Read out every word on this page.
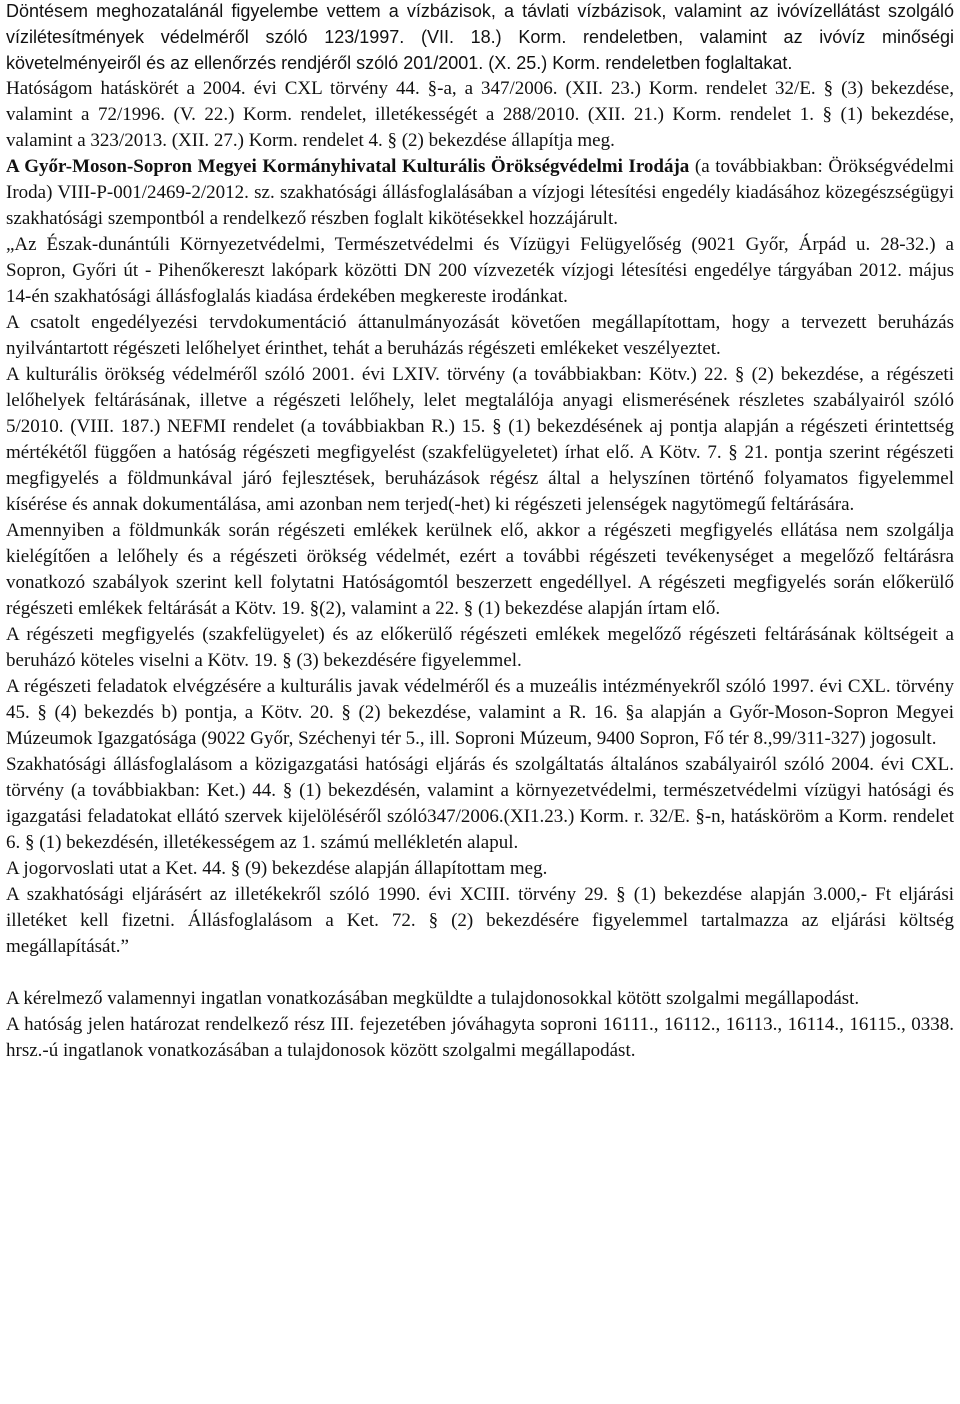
Döntésem meghozatalánál figyelembe vettem a vízbázisok, a távlati vízbázisok, valamint az ivóvízellátást szolgáló vízilétesítmények védelméről szóló 123/1997. (VII. 18.) Korm. rendeletben, valamint az ivóvíz minőségi követelményeiről és az ellenőrzés rendjéről szóló 201/2001. (X. 25.) Korm. rendeletben foglaltakat.

Hatóságom hatáskörét a 2004. évi CXL törvény 44. §-a, a 347/2006. (XII. 23.) Korm. rendelet 32/E. § (3) bekezdése, valamint a 72/1996. (V. 22.) Korm. rendelet, illetékességét a 288/2010. (XII. 21.) Korm. rendelet 1. § (1) bekezdése, valamint a 323/2013. (XII. 27.) Korm. rendelet 4. § (2) bekezdése állapítja meg.

A Győr-Moson-Sopron Megyei Kormányhivatal Kulturális Örökségvédelmi Irodája (a továbbiakban: Örökségvédelmi Iroda) VIII-P-001/2469-2/2012. sz. szakhatósági állásfoglalásában a vízjogi létesítési engedély kiadásához közegészségügyi szakhatósági szempontból a rendelkező részben foglalt kikötésekkel hozzájárult.

„Az Észak-dunántúli Környezetvédelmi, Természetvédelmi és Vízügyi Felügyelőség (9021 Győr, Árpád u. 28-32.) a Sopron, Győri út - Pihenőkereszt lakópark közötti DN 200 vízvezeték vízjogi létesítési engedélye tárgyában 2012. május 14-én szakhatósági állásfoglalás kiadása érdekében megkereste irodánkat.

A csatolt engedélyezési tervdokumentáció áttanulmányozását követően megállapítottam, hogy a tervezett beruházás nyilvántartott régészeti lelőhelyet érinthet, tehát a beruházás régészeti emlékeket veszélyeztet.

A kulturális örökség védelméről szóló 2001. évi LXIV. törvény (a továbbiakban: Kötv.) 22. § (2) bekezdése, a régészeti lelőhelyek feltárásának, illetve a régészeti lelőhely, lelet megtalálója anyagi elismerésének részletes szabályairól szóló 5/2010. (VIII. 187.) NEFMI rendelet (a továbbiakban R.) 15. § (1) bekezdésének aj pontja alapján a régészeti érintettség mértékétől függően a hatóság régészeti megfigyelést (szakfelügyeletet) írhat elő. A Kötv. 7. § 21. pontja szerint régészeti megfigyelés a földmunkával járó fejlesztések, beruházások régész által a helyszínen történő folyamatos figyelemmel kísérése és annak dokumentálása, ami azonban nem terjed(-het) ki régészeti jelenségek nagytömegű feltárására.

Amennyiben a földmunkák során régészeti emlékek kerülnek elő, akkor a régészeti megfigyelés ellátása nem szolgálja kielégítően a lelőhely és a régészeti örökség védelmét, ezért a további régészeti tevékenységet a megelőző feltárásra vonatkozó szabályok szerint kell folytatni Hatóságomtól beszerzett engedéllyel. A régészeti megfigyelés során előkerülő régészeti emlékek feltárását a Kötv. 19. §(2), valamint a 22. § (1) bekezdése alapján írtam elő.

A régészeti megfigyelés (szakfelügyelet) és az előkerülő régészeti emlékek megelőző régészeti feltárásának költségeit a beruházó köteles viselni a Kötv. 19. § (3) bekezdésére figyelemmel.

A régészeti feladatok elvégzésére a kulturális javak védelméről és a muzeális intézményekről szóló 1997. évi CXL. törvény 45. § (4) bekezdés b) pontja, a Kötv. 20. § (2) bekezdése, valamint a R. 16. §a alapján a Győr-Moson-Sopron Megyei Múzeumok Igazgatósága (9022 Győr, Széchenyi tér 5., ill. Soproni Múzeum, 9400 Sopron, Fő tér 8.,99/311-327) jogosult.

Szakhatósági állásfoglalásom a közigazgatási hatósági eljárás és szolgáltatás általános szabályairól szóló 2004. évi CXL. törvény (a továbbiakban: Ket.) 44. § (1) bekezdésén, valamint a környezetvédelmi, természetvédelmi vízügyi hatósági és igazgatási feladatokat ellátó szervek kijelöléséről szóló347/2006.(XI1.23.) Korm. r. 32/E. §-n, hatásköröm a Korm. rendelet 6. § (1) bekezdésén, illetékességem az 1. számú mellékletén alapul.

A jogorvoslati utat a Ket. 44. § (9) bekezdése alapján állapítottam meg.

A szakhatósági eljárásért az illetékekről szóló 1990. évi XCIII. törvény 29. § (1) bekezdése alapján 3.000,- Ft eljárási illetéket kell fizetni. Állásfoglalásom a Ket. 72. § (2) bekezdésére figyelemmel tartalmazza az eljárási költség megállapítását.”

A kérelmező valamennyi ingatlan vonatkozásában megküldte a tulajdonosokkal kötött szolgalmi megállapodást.

A hatóság jelen határozat rendelkező rész III. fejezetében jóváhagyta soproni 16111., 16112., 16113., 16114., 16115., 0338. hrsz.-ú ingatlanok vonatkozásában a tulajdonosok között szolgalmi megállapodást.
